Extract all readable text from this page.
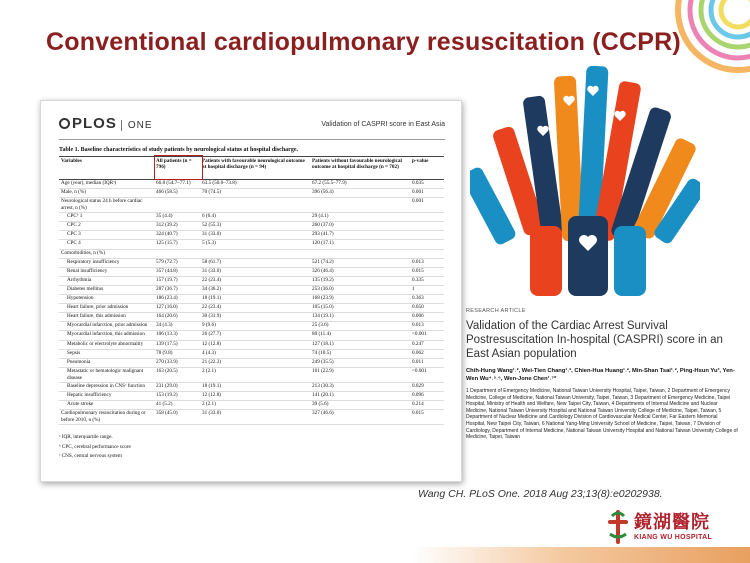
Conventional cardiopulmonary resuscitation (CCPR)
PLOS ONE	Validation of CASPRI score in East Asia
Table 1. Baseline characteristics of study patients by neurological status at hospital discharge.
Variables	All patients (n = 796)	Patients with favourable neurological outcome at hospital discharge (n = 94)	Patients without favourable neurological outcome at hospital discharge (n = 702)	p-value
Age (year), median (IQRᵃ)	66.8 (54.7–77.1)	63.5 (50.0–73.8)	67.2 (55.5–77.9)	0.035
Male, n (%)	466 (58.5)	70 (74.5)	396 (56.4)	0.001
Neurological status 24 h before cardiac arrest, n (%)				0.001
CPCᵇ 1	35 (4.4)	6 (6.4)	29 (4.1)	
CPC 2	312 (39.2)	52 (55.3)	260 (37.0)	
CPC 3	324 (40.7)	31 (33.0)	293 (41.7)	
CPC 4	125 (15.7)	5 (5.3)	120 (17.1)	
Comorbidities, n (%)				
Respiratory insufficiency	579 (72.7)	58 (61.7)	521 (74.2)	0.013
Renal insufficiency	357 (44.8)	31 (33.0)	326 (46.4)	0.015
Arrhythmia	157 (19.7)	22 (23.4)	135 (19.2)	0.335
Diabetes mellitus	287 (36.7)	34 (36.2)	253 (36.0)	1
Hypotension	186 (23.4)	18 (19.1)	168 (23.9)	0.363
Heart failure, prior admission	127 (16.0)	22 (23.4)	105 (15.0)	0.050
Heart failure, this admission	164 (20.6)	30 (31.9)	134 (19.1)	0.006
Myocardial infarction, prior admission	34 (4.3)	9 (9.6)	25 (3.6)	0.013
Myocardial infarction, this admission	106 (13.3)	26 (27.7)	80 (11.4)	<0.001
Metabolic or electrolyte abnormality	139 (17.5)	12 (12.8)	127 (18.1)	0.247
Sepsis	78 (9.8)	4 (4.3)	74 (10.5)	0.062
Pneumonia	270 (33.9)	21 (22.3)	249 (35.5)	0.011
Metastatic or hematologic malignant disease	163 (20.5)	2 (2.1)	161 (22.9)	<0.001
Baseline depression in CNSᶜ function	231 (29.0)	18 (19.1)	213 (30.3)	0.029
Hepatic insufficiency	153 (19.2)	12 (12.8)	141 (20.1)	0.096
Acute stroke	41 (5.2)	2 (2.1)	39 (5.6)	0.214
Cardiopulmonary resuscitation during or before 2010, n (%)	358 (45.0)	31 (33.0)	327 (46.6)	0.015
ᵃ IQR, interquartile range.
ᵇ CPC, cerebral performance score
ᶜ CNS, central nervous system
RESEARCH ARTICLE
Validation of the Cardiac Arrest Survival Postresuscitation In-hospital (CASPRI) score in an East Asian population
Chih-Hung Wang¹˒², Wei-Tien Chang¹˒², Chien-Hua Huang¹˒², Min-Shan Tsai¹˒², Ping-Hsun Yu³, Yen-Wen Wu⁴˒⁵˒⁶, Wen-Jone Chen¹˒⁷*
1 Department of Emergency Medicine, National Taiwan University Hospital, Taipei, Taiwan, 2 Department of Emergency Medicine, College of Medicine, National Taiwan University, Taipei, Taiwan, 3 Department of Emergency Medicine, Taipei Hospital, Ministry of Health and Welfare, New Taipei City, Taiwan, 4 Departments of Internal Medicine and Nuclear Medicine, National Taiwan University Hospital and National Taiwan University College of Medicine, Taipei, Taiwan, 5 Department of Nuclear Medicine and Cardiology Division of Cardiovascular Medical Center, Far Eastern Memorial Hospital, New Taipei City, Taiwan, 6 National Yang-Ming University School of Medicine, Taipei, Taiwan, 7 Division of Cardiology, Department of Internal Medicine, National Taiwan University Hospital and National Taiwan University College of Medicine, Taipei, Taiwan
Wang CH. PLoS One. 2018 Aug 23;13(8):e0202938.
鏡湖醫院
KIANG WU HOSPITAL
